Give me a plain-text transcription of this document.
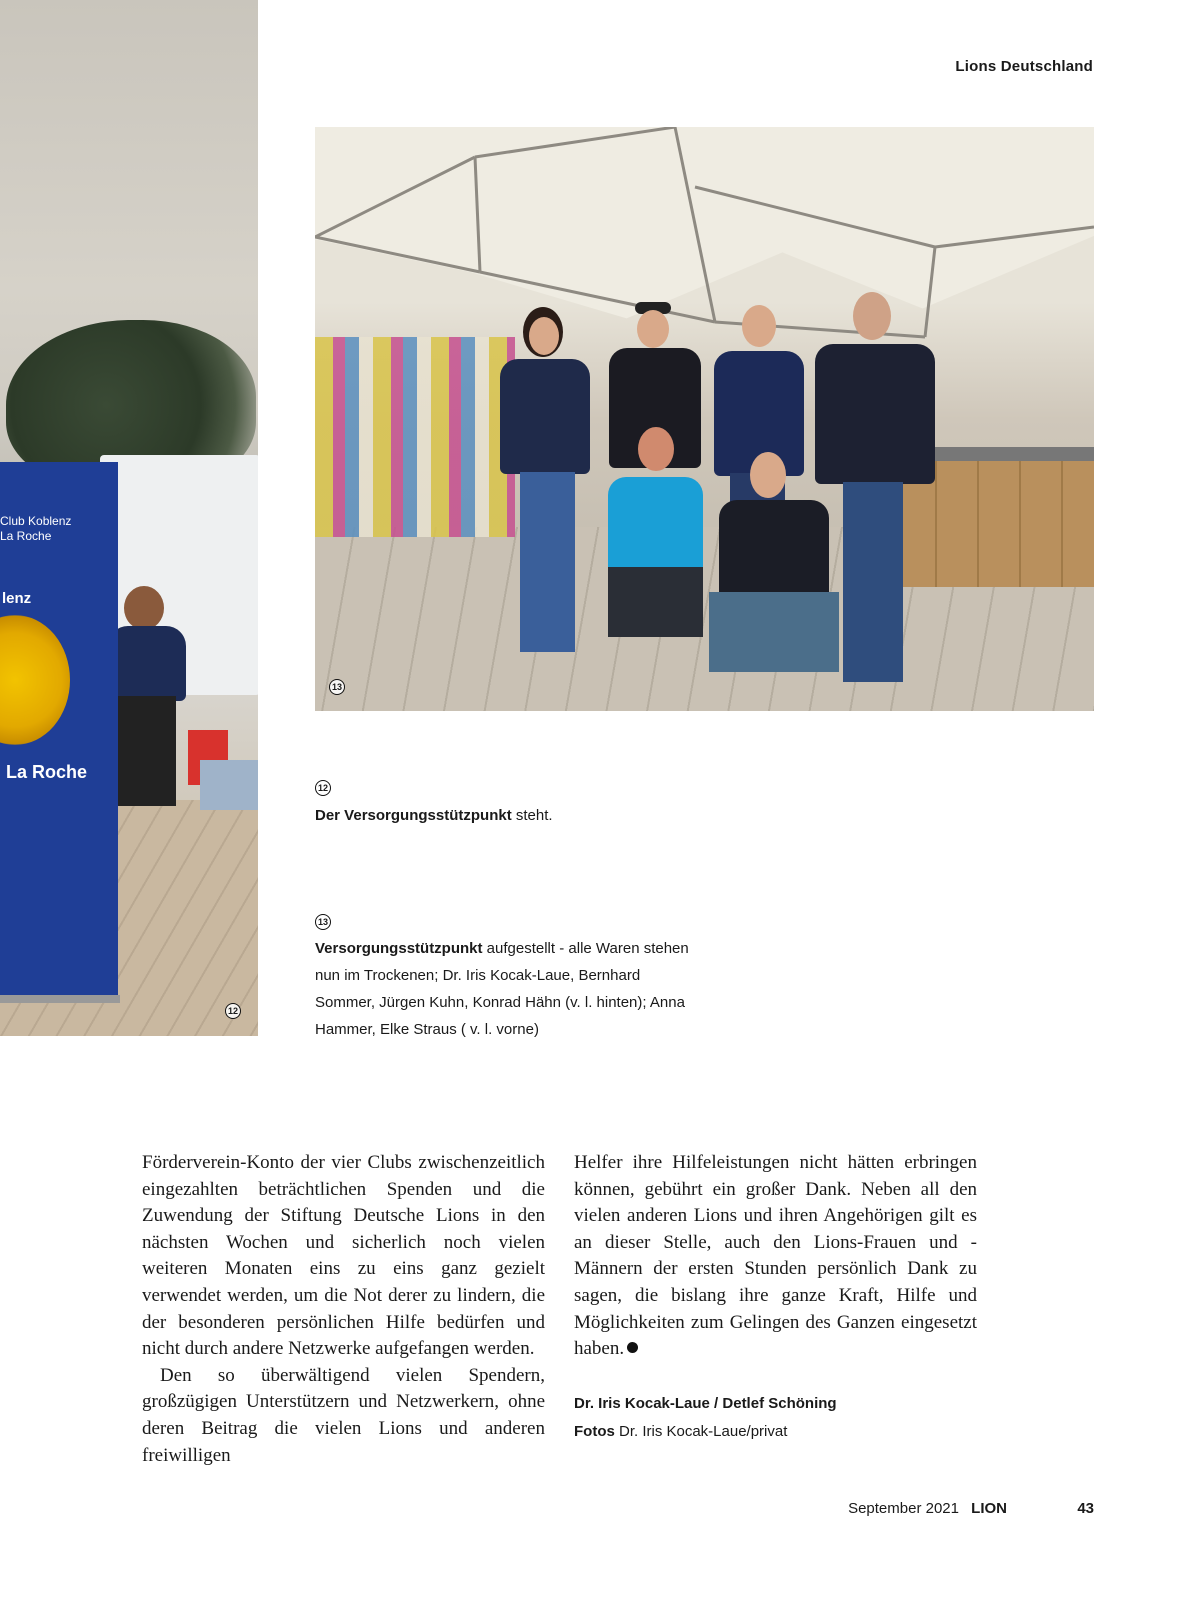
Lions Deutschland
Club Koblenz
La Roche
lenz
La Roche
12
13
12
Der Versorgungsstützpunkt steht.
13
Versorgungsstützpunkt aufgestellt - alle Waren stehen nun im Trockenen; Dr. Iris Kocak-Laue, Bernhard Sommer, Jürgen Kuhn, Konrad Hähn (v. l. hinten); Anna Hammer, Elke Straus ( v. l. vorne)

Förderverein-Konto der vier Clubs zwischenzeitlich eingezahlten beträchtlichen Spenden und die Zuwendung der Stiftung Deutsche Lions in den nächsten Wochen und sicherlich noch vielen weiteren Monaten eins zu eins ganz gezielt verwendet werden, um die Not derer zu lindern, die der besonderen persönlichen Hilfe bedürfen und nicht durch andere Netzwerke aufgefangen werden.

Den so überwältigend vielen Spendern, großzügigen Unterstützern und Netzwerkern, ohne deren Beitrag die vielen Lions und anderen freiwilligen

Helfer ihre Hilfeleistungen nicht hätten erbringen können, gebührt ein großer Dank. Neben all den vielen anderen Lions und ihren Angehörigen gilt es an dieser Stelle, auch den Lions-Frauen und -Männern der ersten Stunden persönlich Dank zu sagen, die bislang ihre ganze Kraft, Hilfe und Möglichkeiten zum Gelingen des Ganzen eingesetzt haben.

Dr. Iris Kocak-Laue / Detlef Schöning
Fotos Dr. Iris Kocak-Laue/privat
September 2021 LION	43
